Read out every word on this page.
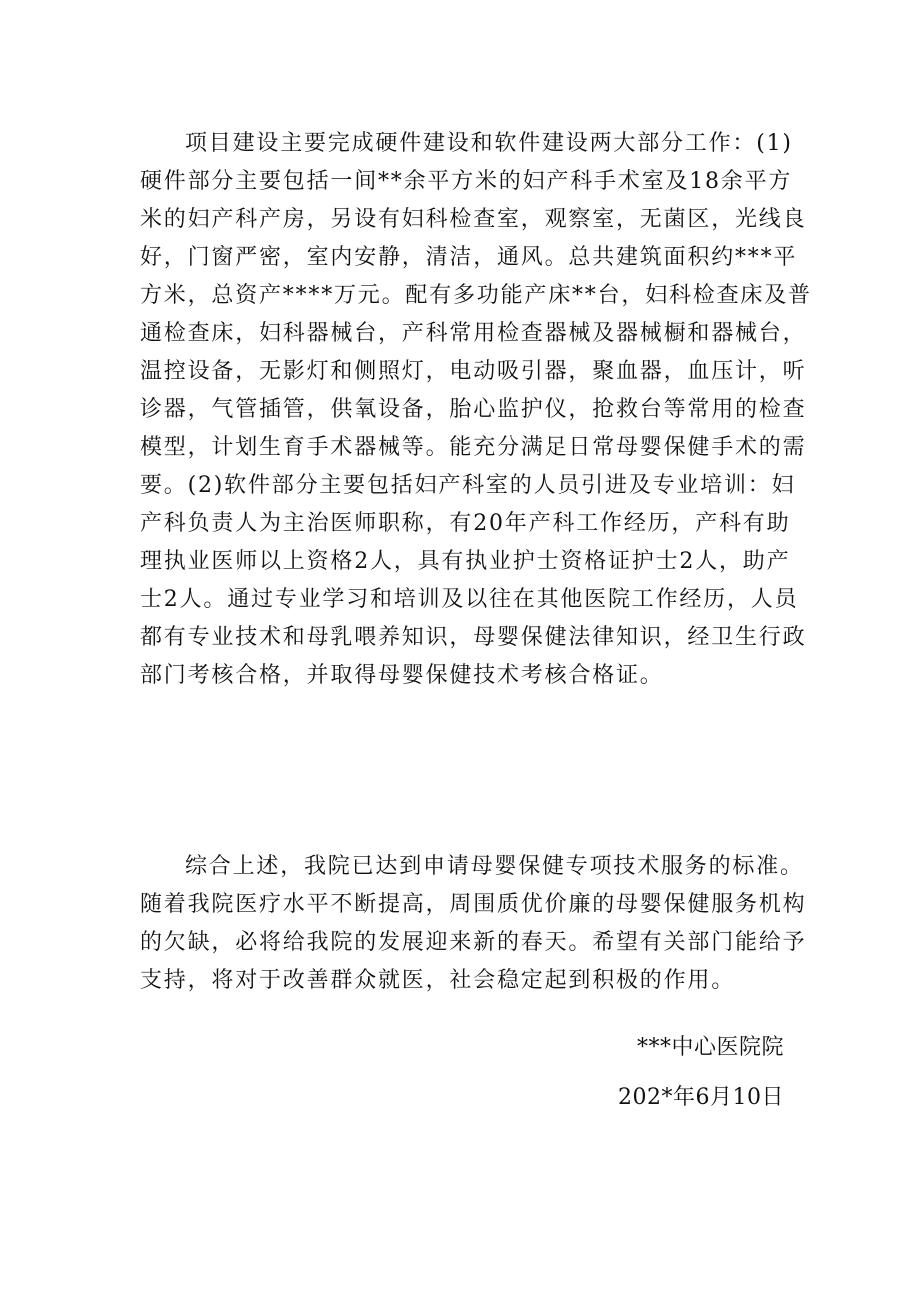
项目建设主要完成硬件建设和软件建设两大部分工作：(1)
硬件部分主要包括一间**余平方米的妇产科手术室及18余平方
米的妇产科产房，另设有妇科检查室，观察室，无菌区，光线良
好，门窗严密，室内安静，清洁，通风。总共建筑面积约***平
方米，总资产****万元。配有多功能产床**台，妇科检查床及普
通检查床，妇科器械台，产科常用检查器械及器械橱和器械台，
温控设备，无影灯和侧照灯，电动吸引器，聚血器，血压计，听
诊器，气管插管，供氧设备，胎心监护仪，抢救台等常用的检查
模型，计划生育手术器械等。能充分满足日常母婴保健手术的需
要。(2)软件部分主要包括妇产科室的人员引进及专业培训：妇
产科负责人为主治医师职称，有20年产科工作经历，产科有助
理执业医师以上资格2人，具有执业护士资格证护士2人，助产
士2人。通过专业学习和培训及以往在其他医院工作经历，人员
都有专业技术和母乳喂养知识，母婴保健法律知识，经卫生行政
部门考核合格，并取得母婴保健技术考核合格证。
综合上述，我院已达到申请母婴保健专项技术服务的标准。
随着我院医疗水平不断提高，周围质优价廉的母婴保健服务机构
的欠缺，必将给我院的发展迎来新的春天。希望有关部门能给予
支持，将对于改善群众就医，社会稳定起到积极的作用。
***中心医院院
202*年6月10日
